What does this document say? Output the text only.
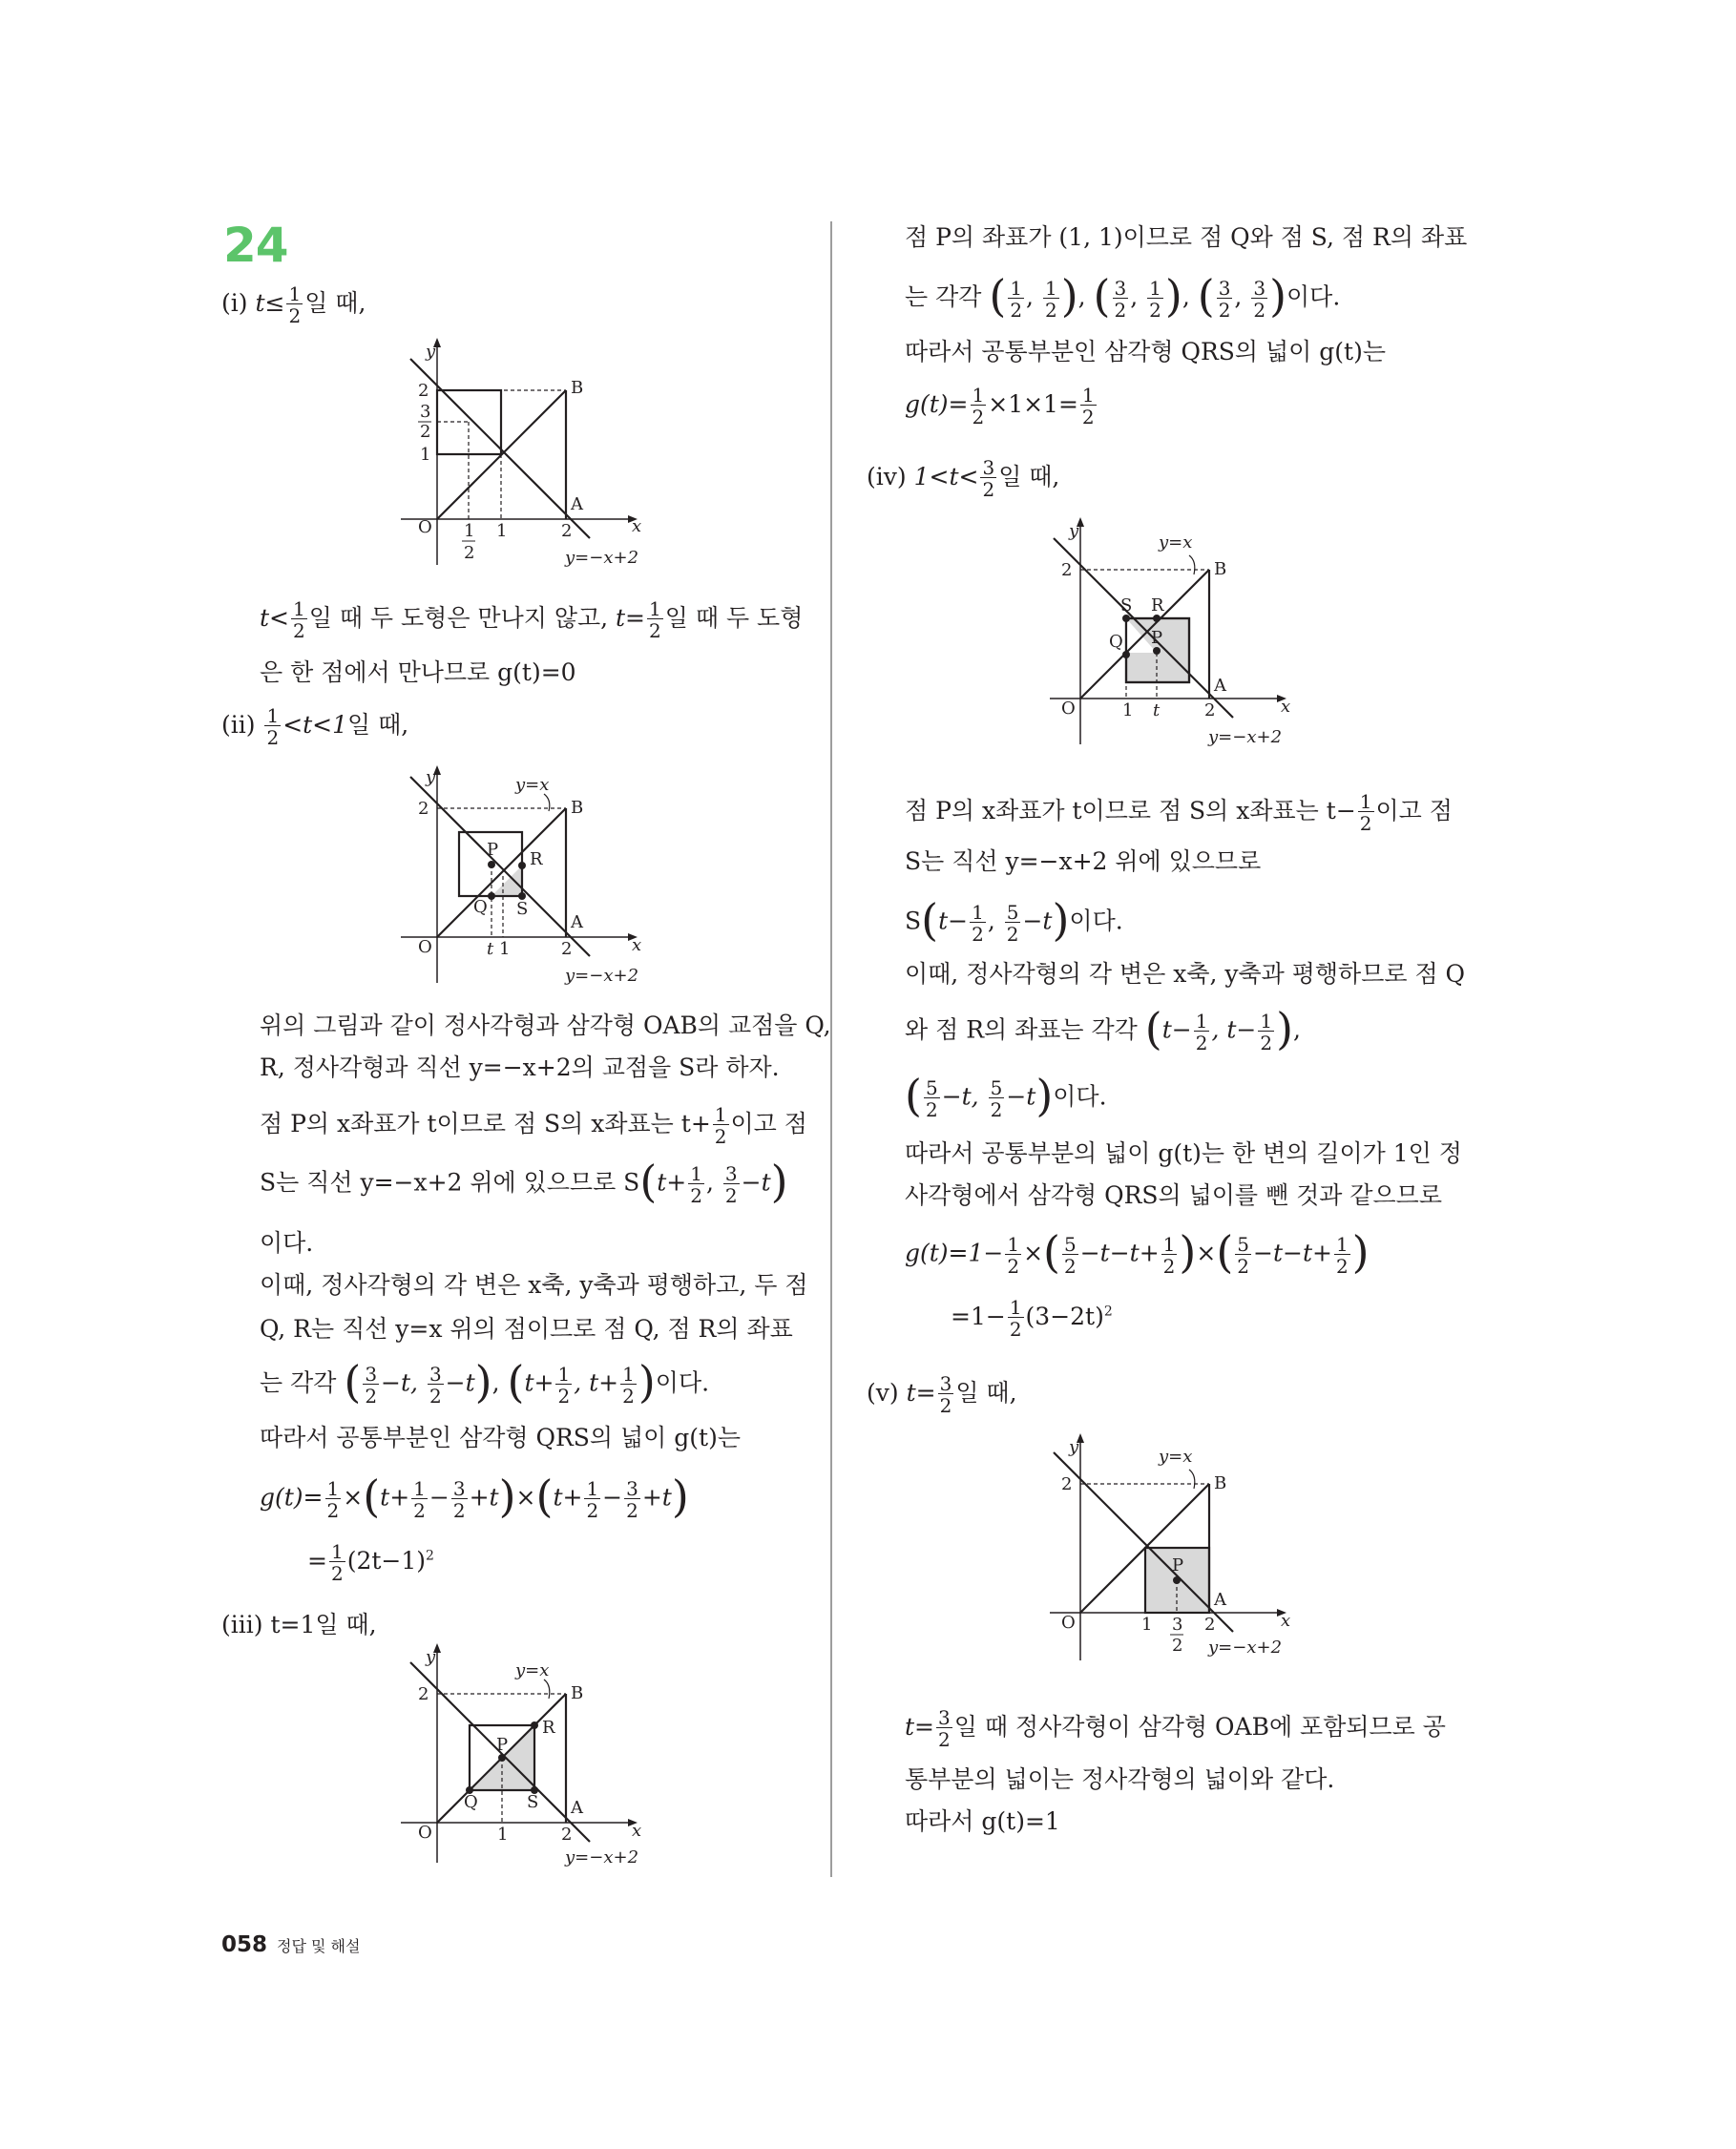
24
(ⅰ) $t\le \frac{1}{2}$ 일 때,
y
x
O
B
A
2
3
2
1
1
2
1	2
y=−x+2
$t< \frac{1}{2}$ 일 때 두 도형은 만나지 않고, $t= \frac{1}{2}$ 일 때 두 도형
은 한 점에서 만나므로 g(t)=0
(ⅱ) $\frac{1}{2} <t<1$일 때,
y
x
O
B
A
2
y=x
P R
Q S
t 1	2
y=−x+2
위의 그림과 같이 정사각형과 삼각형 OAB의 교점을 Q,
R, 정사각형과 직선 y=−x+2의 교점을 S라 하자.
점 P의 x좌표가 t이므로 점 S의 x좌표는 $t+ \frac{1}{2}$ 이고 점
S는 직선 y=−x+2 위에 있으므로 $S(t+ \frac{1}{2}$ , $\frac{3}{2} -t$)
이다.
이때, 정사각형의 각 변은 x축, y축과 평행하고, 두 점
Q, R는 직선 y=x 위의 점이므로 점 Q, 점 R의 좌표
는 각각 ( $\frac{3}{2} -t$, $\frac{3}{2} -t$), ($t+ \frac{1}{2}$ , $t+ \frac{1}{2}$ )이다.
따라서 공통부분인 삼각형 QRS의 넓이 g(t)는
$g(t)= \frac{1}{2} \times(t+ \frac{1}{2} - \frac{3}{2} +t)\times(t+ \frac{1}{2} - \frac{3}{2} +t)$
= $\frac{1}{2} (2t-1)^2$
(ⅲ) t=1일 때,
y
x
O
B
A
2
y=x
P
R
Q	S
1	2
y=−x+2
점 P의 좌표가 (1, 1)이므로 점 Q와 점 S, 점 R의 좌표
는 각각 ( $\frac{1}{2}$ , $\frac{1}{2}$ ), ( $\frac{3}{2}$ , $\frac{1}{2}$ ), ( $\frac{3}{2}$ , $\frac{3}{2}$ )이다.
따라서 공통부분인 삼각형 QRS의 넓이 g(t)는
$g(t)= \frac{1}{2} \times 1\times 1= \frac{1}{2}$
(ⅳ) $1<t< \frac{3}{2}$ 일 때,
y
x
O
B
A
2
y=x
S R
Q P
1 t	2
y=−x+2
점 P의 x좌표가 t이므로 점 S의 x좌표는 $t- \frac{1}{2}$ 이고 점
S는 직선 y=−x+2 위에 있으므로
$S(t- \frac{1}{2}$ , $\frac{5}{2} -t$)이다.
이때, 정사각형의 각 변은 x축, y축과 평행하므로 점 Q
와 점 R의 좌표는 각각 ($t- \frac{1}{2}$ , $t- \frac{1}{2}$ ),
( $\frac{5}{2} -t$, $\frac{5}{2} -t$)이다.
따라서 공통부분의 넓이 g(t)는 한 변의 길이가 1인 정
사각형에서 삼각형 QRS의 넓이를 뺀 것과 같으므로
$g(t)=1- \frac{1}{2}$ ×( $\frac{5}{2} -t-t+ \frac{1}{2}$ )×( $\frac{5}{2} -t-t+ \frac{1}{2}$ )
$=1- \frac{1}{2} (3-2t)^2$
(ⅴ) $t= \frac{3}{2}$ 일 때,
y
x
O
B
A
2
y=x
P
1 3
2
2
y=−x+2
$t= \frac{3}{2}$ 일 때 정사각형이 삼각형 OAB에 포함되므로 공
통부분의 넓이는 정사각형의 넓이와 같다.
따라서 g(t)=1
058 정답 및 해설
